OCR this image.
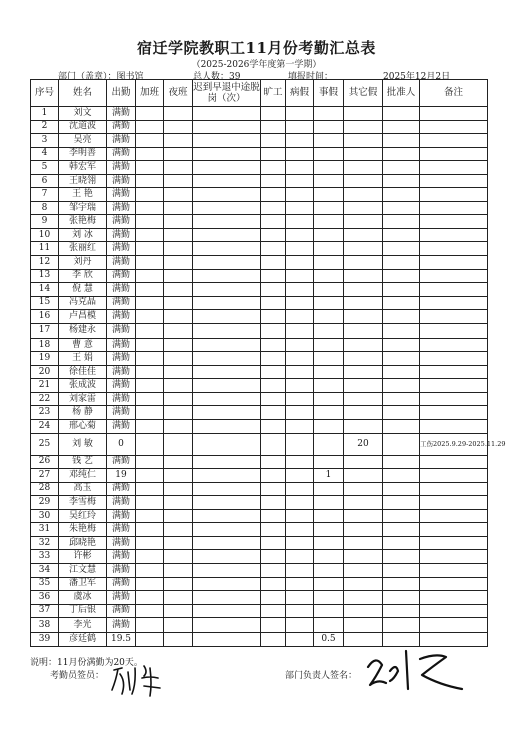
宿迁学院教职工11月份考勤汇总表
（2025-2026学年度第一学期）
部门（盖章）：图书馆	总人数：39	填报时间：	2025年12月2日
序号	姓名	出勤	加班	夜班	迟到早退中途脱岗（次）	旷工	病假	事假	其它假	批准人	备注
1	刘文	满勤									
2	沈道波	满勤									
3	吴亮	满勤									
4	李明善	满勤									
5	韩宏军	满勤									
6	王晓翎	满勤									
7	王 艳	满勤									
8	邹宇瑞	满勤									
9	张艳梅	满勤									
10	刘 冰	满勤									
11	张丽红	满勤									
12	刘丹	满勤									
13	李 欣	满勤									
14	倪 慧	满勤									
15	冯克晶	满勤									
16	卢昌模	满勤									
17	杨建永	满勤									
18	曹 意	满勤									
19	王 娟	满勤									
20	徐佳佳	满勤									
21	张成波	满勤									
22	刘家雷	满勤									
23	杨 静	满勤									
24	邢心菊	满勤									
25	刘 敏	0							20		工伤2025.9.29-2025.11.29
26	钱 艺	满勤									
27	邓纯仁	19						1			
28	高玉	满勤									
29	李雪梅	满勤									
30	吴红玲	满勤									
31	朱艳梅	满勤									
32	邱晓艳	满勤									
33	许彬	满勤									
34	江文慧	满勤									
35	潘卫军	满勤									
36	虞冰	满勤									
37	丁后银	满勤									
38	李光	满勤									
39	彦廷鹤	19.5						0.5			
说明：11月份满勤为20天。
考勤员签员：	部门负责人签名：
